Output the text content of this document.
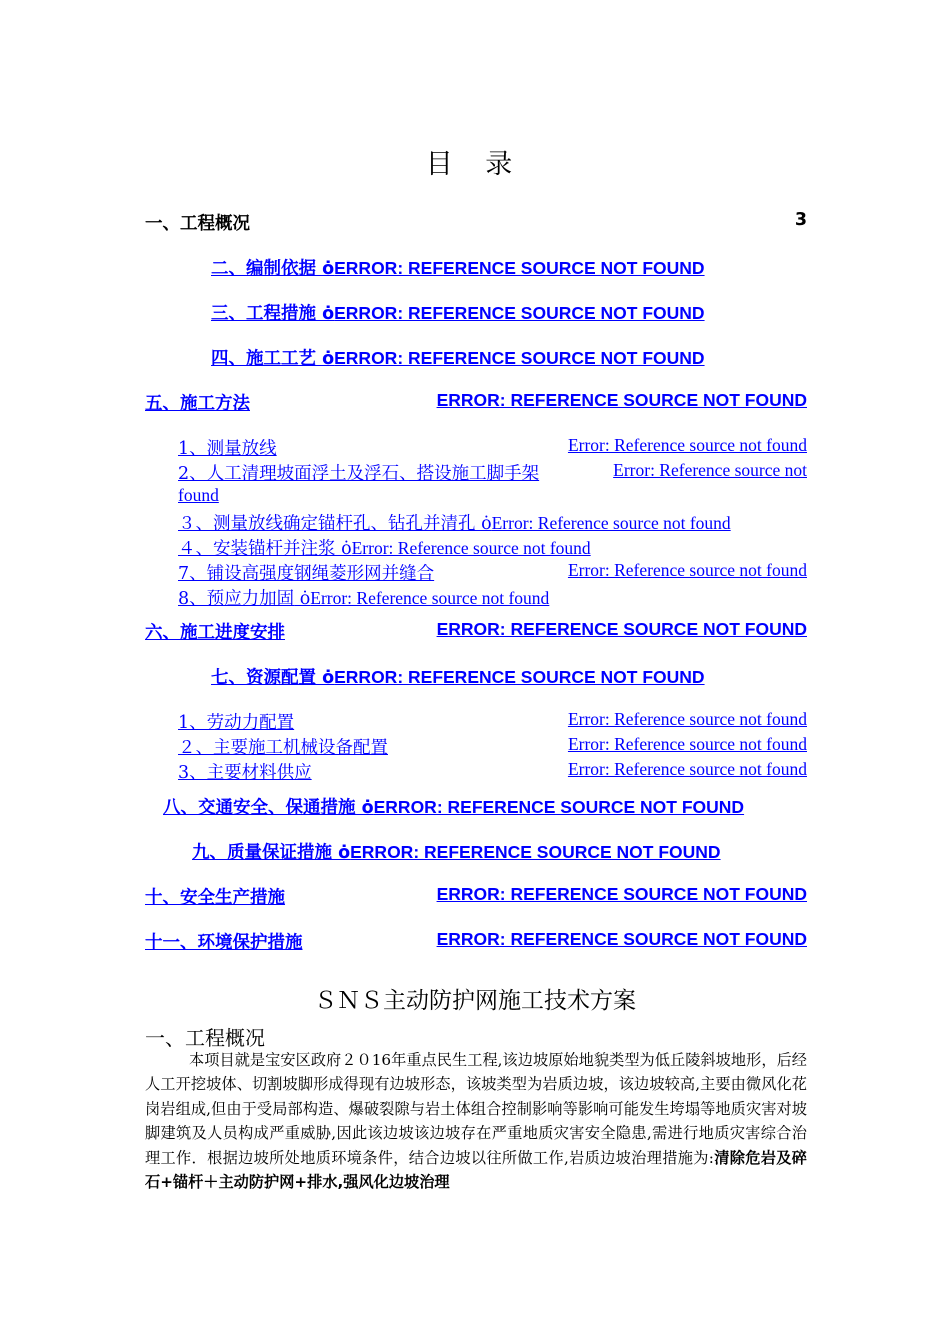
目 录
一、工程概况	3
二、编制依据 ȯERROR: REFERENCE SOURCE NOT FOUND
三、工程措施 ȯERROR: REFERENCE SOURCE NOT FOUND
四、施工工艺 ȯERROR: REFERENCE SOURCE NOT FOUND
五、施工方法	ERROR: REFERENCE SOURCE NOT FOUND
1、测量放线	Error: Reference source not found
2、人工清理坡面浮土及浮石、搭设施工脚手架	Error: Reference source not
found
３、测量放线确定锚杆孔、钻孔并清孔 ȯError: Reference source not found
４、安装锚杆并注浆 ȯError: Reference source not found
7、铺设高强度钢绳菱形网并缝合	Error: Reference source not found
8、预应力加固 ȯError: Reference source not found
六、施工进度安排	ERROR: REFERENCE SOURCE NOT FOUND
七、资源配置 ȯERROR: REFERENCE SOURCE NOT FOUND
1、劳动力配置	Error: Reference source not found
２、主要施工机械设备配置	Error: Reference source not found
3、主要材料供应	Error: Reference source not found
八、交通安全、保通措施 ȯERROR: REFERENCE SOURCE NOT FOUND
九、质量保证措施 ȯERROR: REFERENCE SOURCE NOT FOUND
十、安全生产措施	ERROR: REFERENCE SOURCE NOT FOUND
十一、环境保护措施	ERROR: REFERENCE SOURCE NOT FOUND
ＳＮＳ主动防护网施工技术方案
一、工程概况
本项目就是宝安区政府２０16年重点民生工程,该边坡原始地貌类型为低丘陵斜坡地形，后经人工开挖坡体、切割坡脚形成得现有边坡形态，该坡类型为岩质边坡，该边坡较高,主要由微风化花岗岩组成,但由于受局部构造、爆破裂隙与岩土体组合控制影响等影响可能发生垮塌等地质灾害对坡脚建筑及人员构成严重威胁,因此该边坡该边坡存在严重地质灾害安全隐患,需进行地质灾害综合治理工作．根据边坡所处地质环境条件，结合边坡以往所做工作,岩质边坡治理措施为:清除危岩及碎石+锚杆＋主动防护网+排水,强风化边坡治理
